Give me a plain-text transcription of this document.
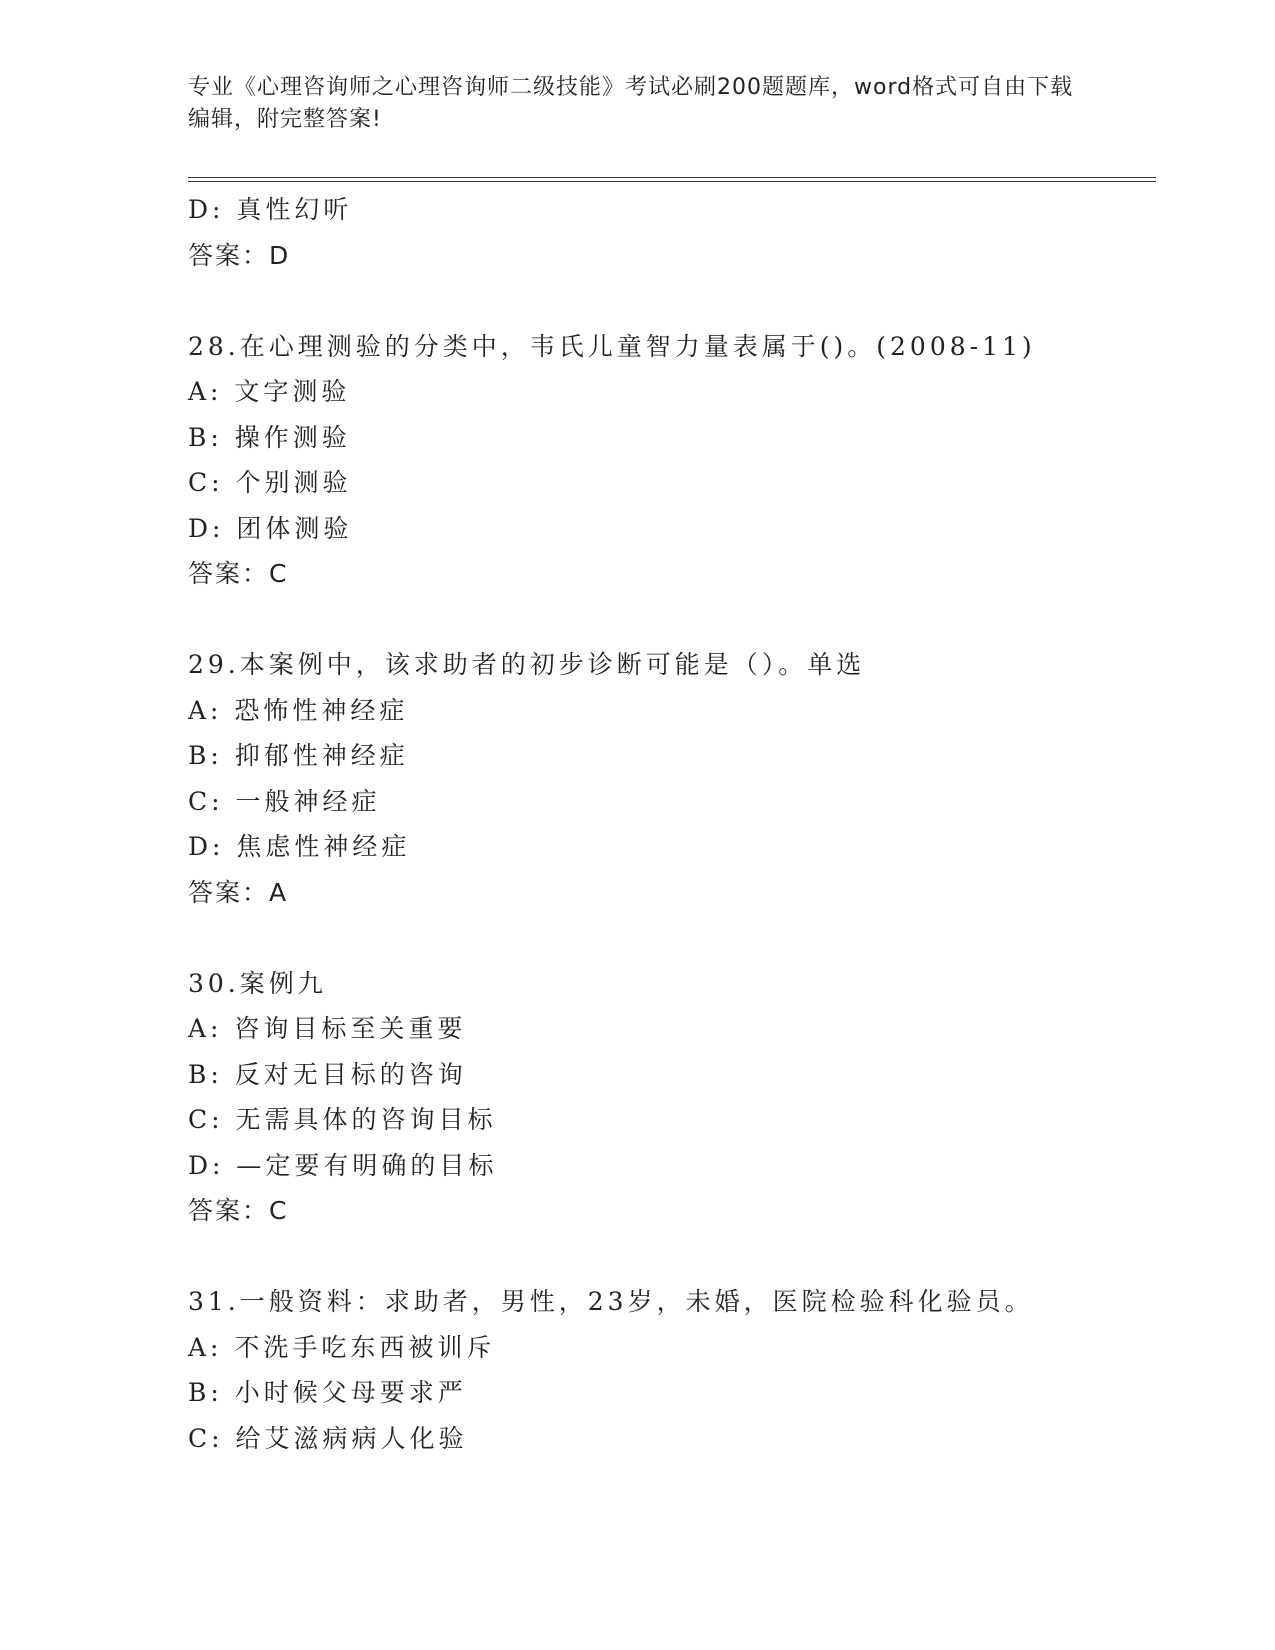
专业《心理咨询师之心理咨询师二级技能》考试必刷200题题库，word格式可自由下载编辑，附完整答案!
D: 真性幻听
答案：D
28.在心理测验的分类中，韦氏儿童智力量表属于()。(2008-11)
A: 文字测验
B: 操作测验
C: 个别测验
D: 团体测验
答案：C
29.本案例中，该求助者的初步诊断可能是（）。单选
A: 恐怖性神经症
B: 抑郁性神经症
C: 一般神经症
D: 焦虑性神经症
答案：A
30.案例九
A: 咨询目标至关重要
B: 反对无目标的咨询
C: 无需具体的咨询目标
D: —定要有明确的目标
答案：C
31.一般资料：求助者，男性，23岁，未婚，医院检验科化验员。
A: 不洗手吃东西被训斥
B: 小时候父母要求严
C: 给艾滋病病人化验
